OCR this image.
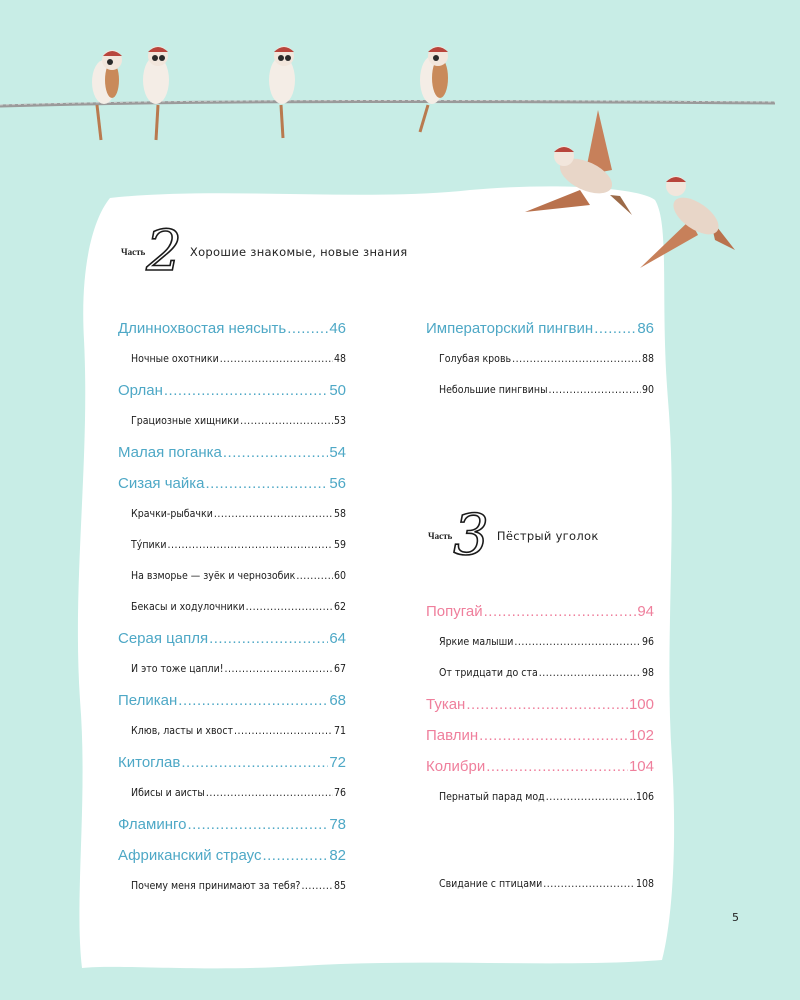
Часть 2 Хорошие знакомые, новые знания
Длиннохвостая неясыть .....	46
Ночные охотники .....	48
Орлан .....	50
Грациозные хищники .....	53
Малая поганка .....	54
Сизая чайка .....	56
Крачки-рыбачки .....	58
Ту́пики .....	59
На взморье — зуёк и чернозобик .....	60
Бекасы и ходулочники .....	62
Серая цапля .....	64
И это тоже цапли! .....	67
Пеликан .....	68
Клюв, ласты и хвост .....	71
Китоглав .....	72
Ибисы и аисты .....	76
Фламинго .....	78
Африканский страус .....	82
Почему меня принимают за тебя? .....	85
Императорский пингвин .....	86
Голубая кровь .....	88
Небольшие пингвины .....	90
Часть 3 Пёстрый уголок
Попугай .....	94
Яркие малыши .....	96
От тридцати до ста .....	98
Тукан .....	100
Павлин .....	102
Колибри .....	104
Пернатый парад мод .....	106
Свидание с птицами .....	108
5
